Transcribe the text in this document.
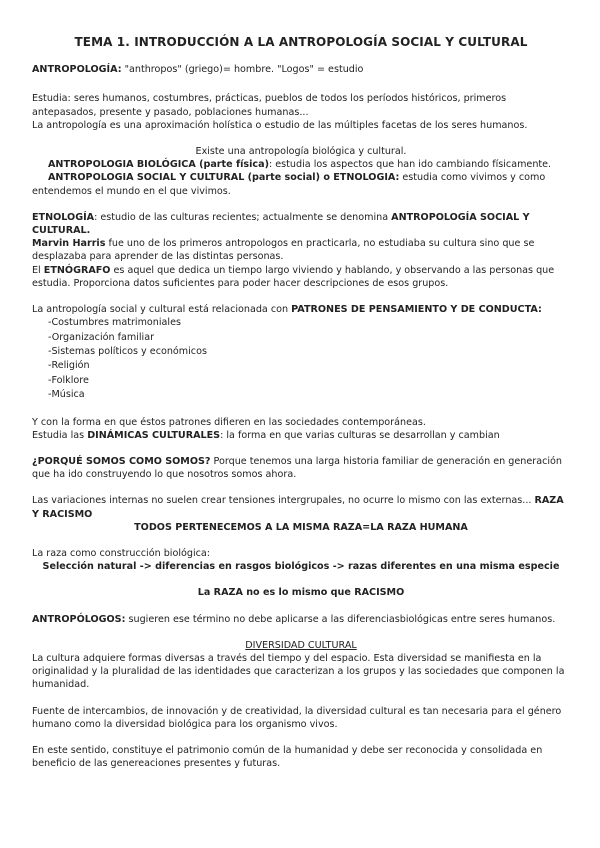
TEMA 1. INTRODUCCIÓN A LA ANTROPOLOGÍA SOCIAL Y CULTURAL

ANTROPOLOGÍA: "anthropos" (griego)= hombre. "Logos" = estudio

Estudia: seres humanos, costumbres, prácticas, pueblos de todos los períodos históricos, primeros antepasados, presente y pasado, poblaciones humanas...

La antropología es una aproximación holística o estudio de las múltiples facetas de los seres humanos.

Existe una antropología biológica y cultural.

ANTROPOLOGIA BIOLÓGICA (parte física): estudia los aspectos que han ido cambiando físicamente.

ANTROPOLOGIA SOCIAL Y CULTURAL (parte social) o ETNOLOGIA: estudia como vivimos y como entendemos el mundo en el que vivimos.

ETNOLOGÍA: estudio de las culturas recientes; actualmente se denomina ANTROPOLOGÍA SOCIAL Y CULTURAL.

Marvin Harris fue uno de los primeros antropologos en practicarla, no estudiaba su cultura sino que se desplazaba para aprender de las distintas personas.

El ETNÓGRAFO es aquel que dedica un tiempo largo viviendo y hablando, y observando a las personas que estudia. Proporciona datos suficientes para poder hacer descripciones de esos grupos.

La antropología social y cultural está relacionada con PATRONES DE PENSAMIENTO Y DE CONDUCTA:

-Costumbres matrimoniales
-Organización familiar
-Sistemas políticos y económicos
-Religión
-Folklore
-Música

Y con la forma en que éstos patrones difieren en las sociedades contemporáneas.

Estudia las DINÁMICAS CULTURALES: la forma en que varias culturas se desarrollan y cambian

¿PORQUÉ SOMOS COMO SOMOS? Porque tenemos una larga historia familiar de generación en generación que ha ido construyendo lo que nosotros somos ahora.

Las variaciones internas no suelen crear tensiones intergrupales, no ocurre lo mismo con las externas... RAZA Y RACISMO

TODOS PERTENECEMOS A LA MISMA RAZA=LA RAZA HUMANA

La raza como construcción biológica:

Selección natural -> diferencias en rasgos biológicos -> razas diferentes en una misma especie

La RAZA no es lo mismo que RACISMO

ANTROPÓLOGOS: sugieren ese término no debe aplicarse a las diferenciasbiológicas entre seres humanos.

DIVERSIDAD CULTURAL

La cultura adquiere formas diversas a través del tiempo y del espacio. Esta diversidad se manifiesta en la originalidad y la pluralidad de las identidades que caracterizan a los grupos y las sociedades que componen la humanidad.

Fuente de intercambios, de innovación y de creatividad, la diversidad cultural es tan necesaria para el género humano como la diversidad biológica para los organismo vivos.

En este sentido, constituye el patrimonio común de la humanidad y debe ser reconocida y consolidada en beneficio de las genereaciones presentes y futuras.
